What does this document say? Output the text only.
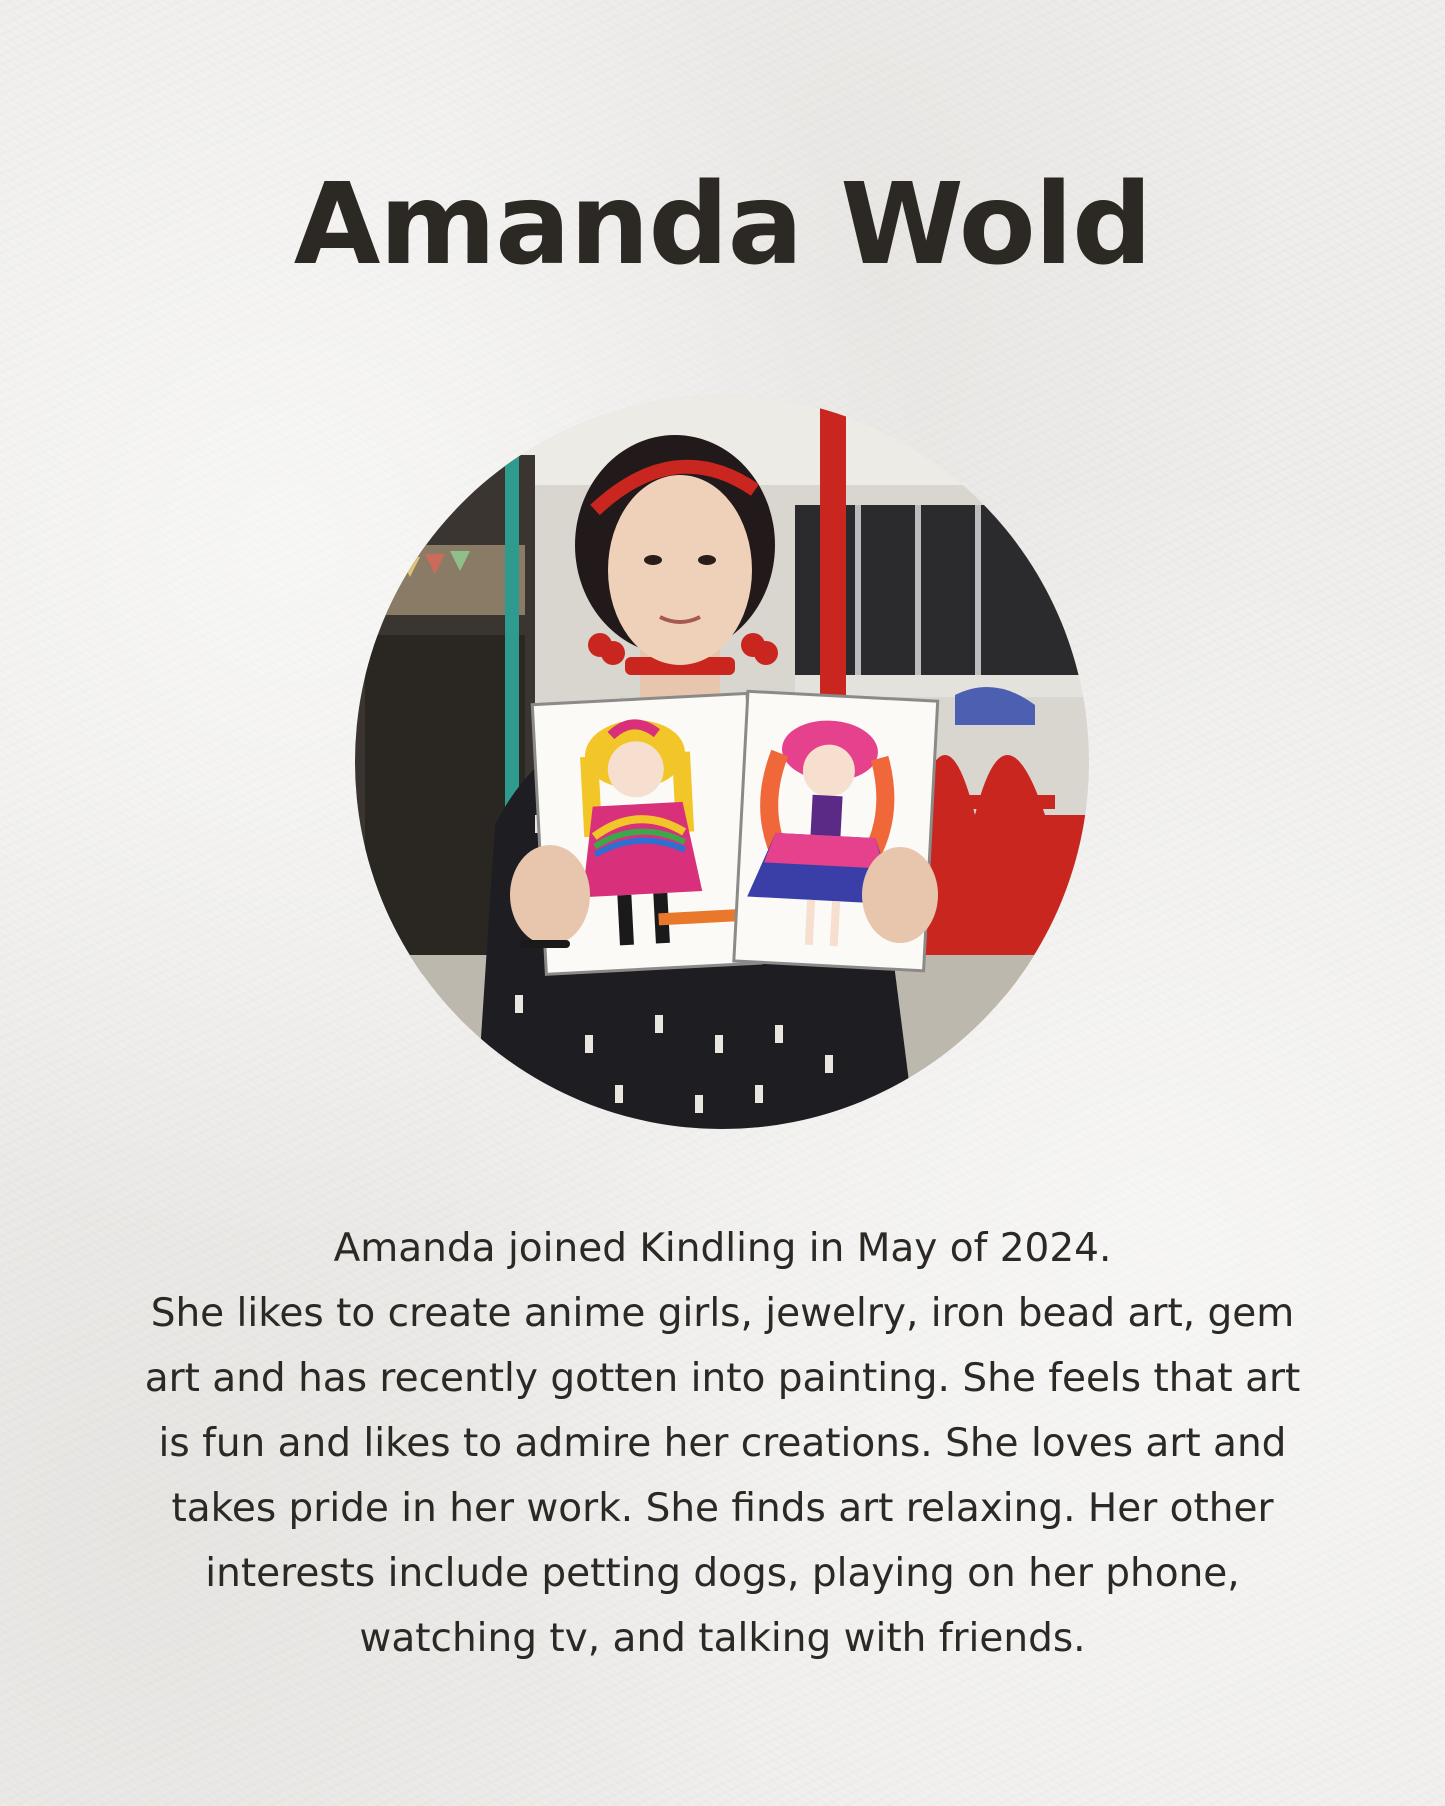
Amanda Wold
Amanda joined Kindling in May of 2024.
She likes to create anime girls, jewelry, iron bead art, gem
art and has recently gotten into painting. She feels that art
is fun and likes to admire her creations. She loves art and
takes pride in her work. She finds art relaxing. Her other
interests include petting dogs, playing on her phone,
watching tv, and talking with friends.
